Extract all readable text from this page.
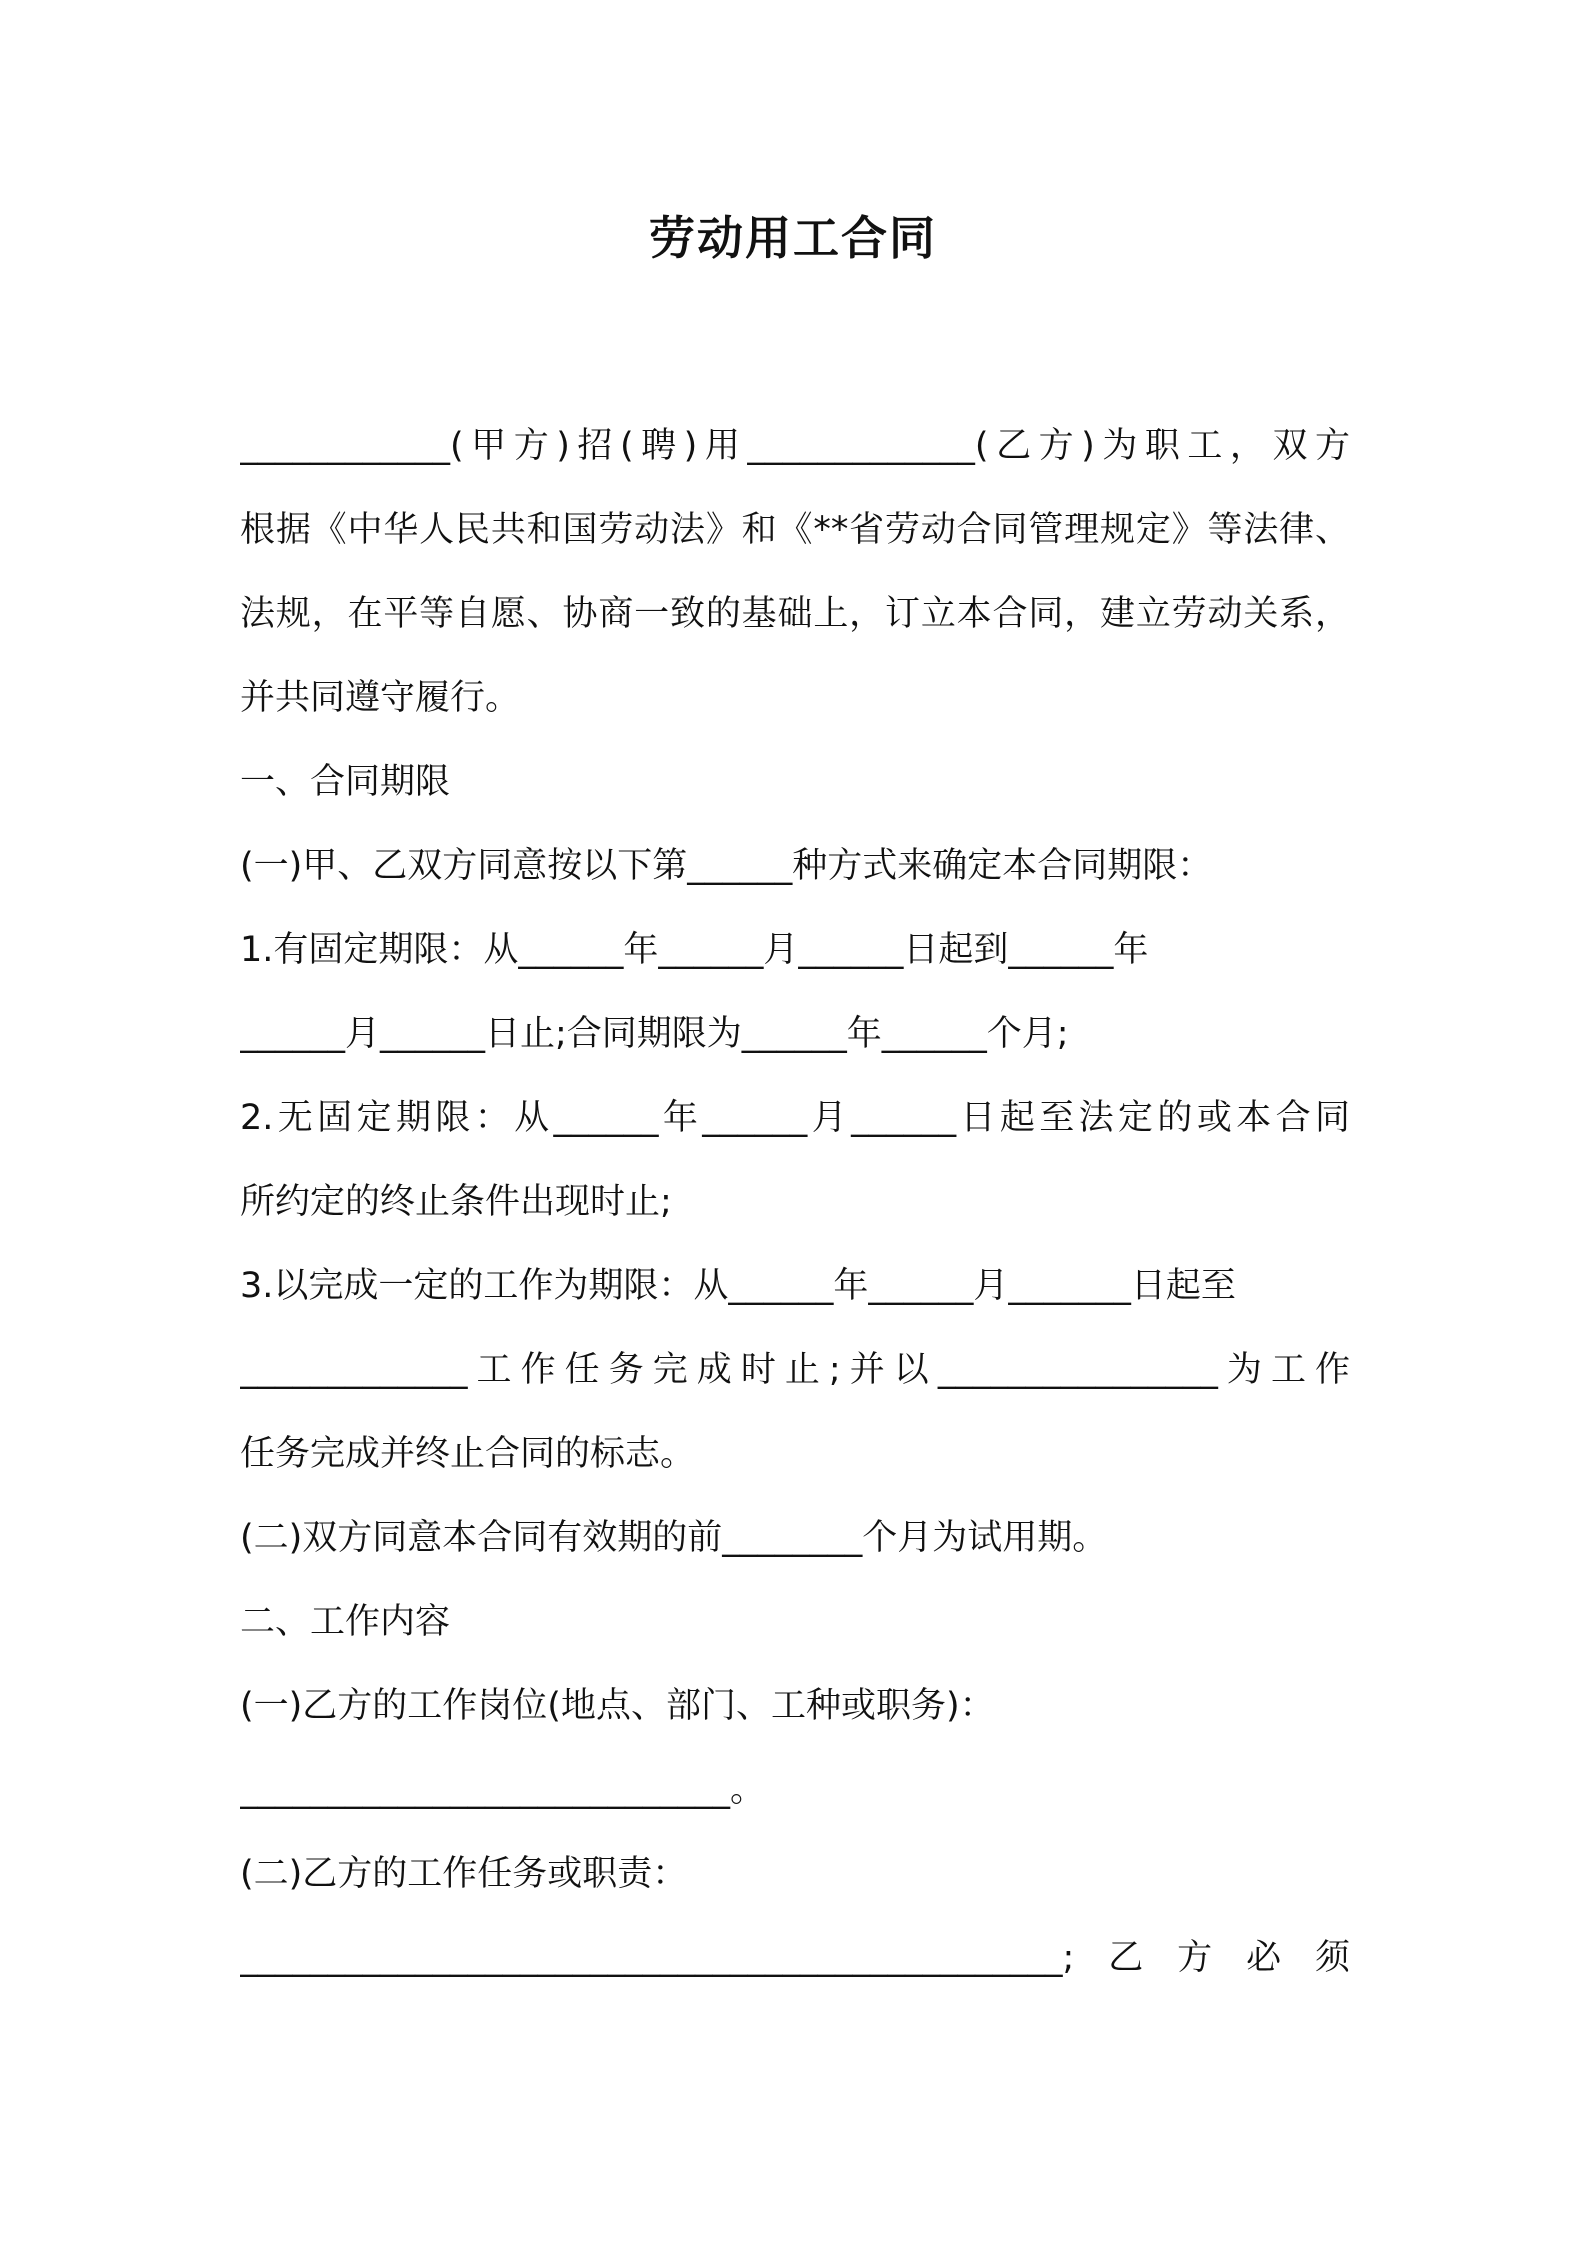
劳动用工合同
____________(甲方)招(聘)用_____________(乙方)为职工，双方
根据《中华人民共和国劳动法》和《**省劳动合同管理规定》等法律、
法规，在平等自愿、协商一致的基础上，订立本合同，建立劳动关系，
并共同遵守履行。
一、合同期限
(一)甲、乙双方同意按以下第______种方式来确定本合同期限：
1.有固定期限：从______年______月______日起到______年
______月______日止;合同期限为______年______个月;
2.无固定期限：从______年______月______日起至法定的或本合同
所约定的终止条件出现时止;
3.以完成一定的工作为期限：从______年______月_______日起至
_____________工作任务完成时止;并以________________为工作
任务完成并终止合同的标志。
(二)双方同意本合同有效期的前________个月为试用期。
二、工作内容
(一)乙方的工作岗位(地点、部门、工种或职务)：
____________________________。
(二)乙方的工作任务或职责：
_______________________________________________;乙方必须
